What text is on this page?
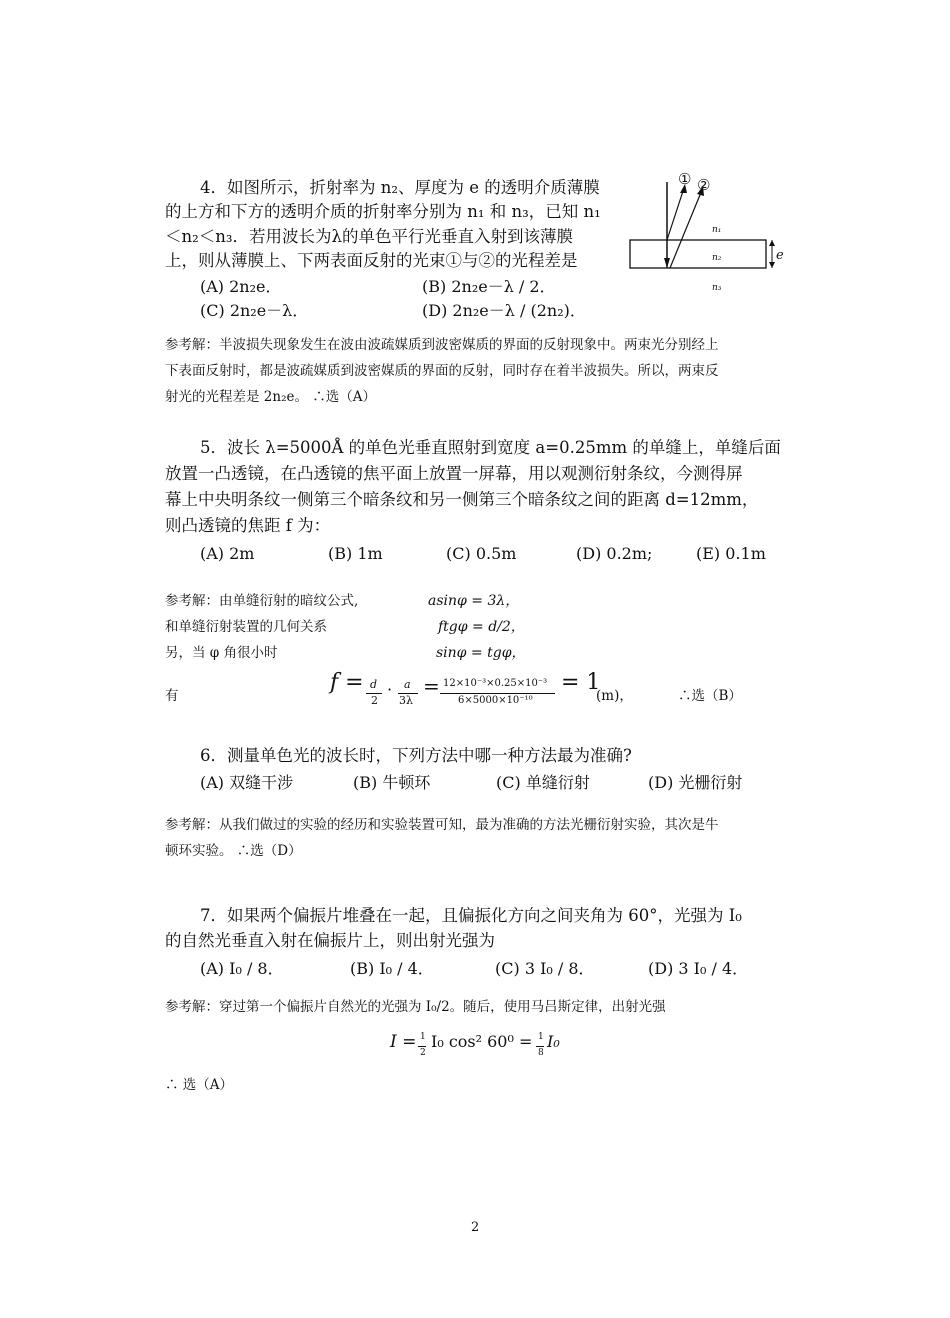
4．如图所示，折射率为 n₂、厚度为 e 的透明介质薄膜
的上方和下方的透明介质的折射率分别为 n₁ 和 n₃，已知 n₁
＜n₂＜n₃．若用波长为λ的单色平行光垂直入射到该薄膜
上，则从薄膜上、下两表面反射的光束①与②的光程差是
(A) 2n₂e．	(B) 2n₂e－λ / 2．
(C) 2n₂e－λ．	(D) 2n₂e－λ / (2n₂)．
① ②
n₁
n₂
n₃
e
参考解：半波损失现象发生在波由波疏媒质到波密媒质的界面的反射现象中。两束光分别经上
下表面反射时，都是波疏媒质到波密媒质的界面的反射，同时存在着半波损失。所以，两束反
射光的光程差是 2n₂e。 ∴选（A）
5．波长 λ=5000Å 的单色光垂直照射到宽度 a=0.25mm 的单缝上，单缝后面
放置一凸透镜，在凸透镜的焦平面上放置一屏幕，用以观测衍射条纹，今测得屏
幕上中央明条纹一侧第三个暗条纹和另一侧第三个暗条纹之间的距离 d=12mm，
则凸透镜的焦距 f 为：
(A) 2m	(B) 1m	(C) 0.5m	(D) 0.2m;	(E) 0.1m
参考解：由单缝衍射的暗纹公式,
和单缝衍射装置的几何关系
另，当 φ 角很小时
asinφ = 3λ，
ftgφ = d/2，
sinφ = tgφ，
有
f = d
2
· a
3λ
= 12×10⁻³×0.25×10⁻³
6×5000×10⁻¹⁰
= 1
(m)，	∴选（B）
6．测量单色光的波长时，下列方法中哪一种方法最为准确?
(A) 双缝干涉	(B) 牛顿环	(C) 单缝衍射	(D) 光栅衍射
参考解：从我们做过的实验的经历和实验装置可知，最为准确的方法光栅衍射实验，其次是牛
顿环实验。 ∴选（D）
7．如果两个偏振片堆叠在一起，且偏振化方向之间夹角为 60°，光强为 I₀
的自然光垂直入射在偏振片上，则出射光强为
(A) I₀ / 8．	(B) I₀ / 4．	(C) 3 I₀ / 8．	(D) 3 I₀ / 4．
参考解：穿过第一个偏振片自然光的光强为 I₀/2。随后，使用马吕斯定律，出射光强
I = 1
2
I₀ cos² 60⁰ = 1
8
I₀
∴ 选（A）
2
